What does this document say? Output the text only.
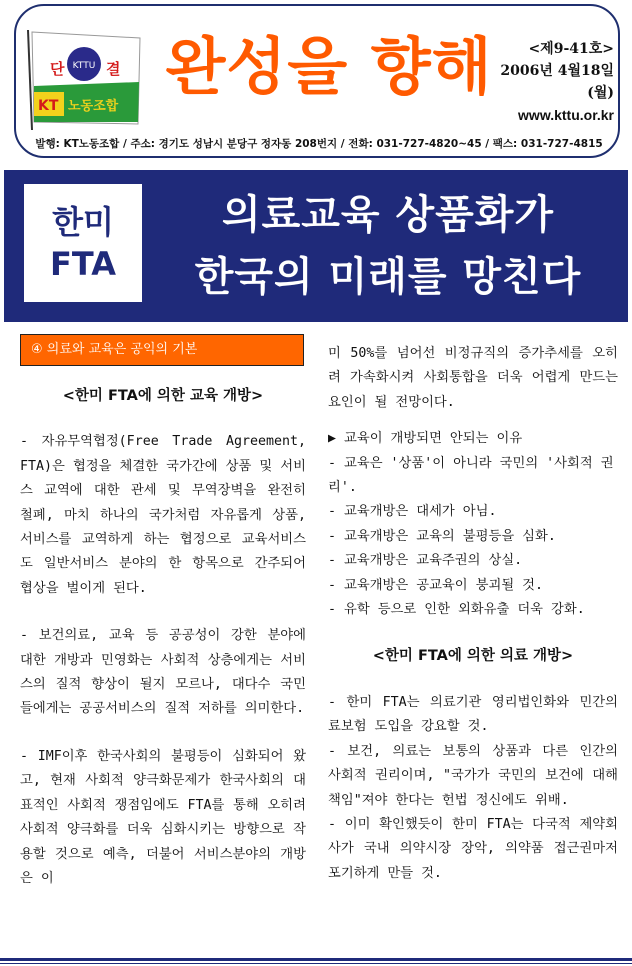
KTTU
단	결
KT 노동조합
완성을 향해	<제9-41호>
2006년 4월18일(월)
www.kttu.or.kr
발행: KT노동조합 / 주소: 경기도 성남시 분당구 정자동 208번지 / 전화: 031-727-4820~45 / 팩스: 031-727-4815
한미
FTA
의료교육 상품화가
한국의 미래를 망친다
④ 의료와 교육은 공익의 기본
<한미 FTA에 의한 교육 개방>

- 자유무역협정(Free Trade Agreement, FTA)은 협정을 체결한 국가간에 상품 및 서비스 교역에 대한 관세 및 무역장벽을 완전히 철폐, 마치 하나의 국가처럼 자유롭게 상품, 서비스를 교역하게 하는 협정으로 교육서비스도 일반서비스 분야의 한 항목으로 간주되어 협상을 벌이게 된다.

- 보건의료, 교육 등 공공성이 강한 분야에 대한 개방과 민영화는 사회적 상층에게는 서비스의 질적 향상이 될지 모르나, 대다수 국민들에게는 공공서비스의 질적 저하를 의미한다.

- IMF이후 한국사회의 불평등이 심화되어 왔고, 현재 사회적 양극화문제가 한국사회의 대표적인 사회적 쟁점임에도 FTA를 통해 오히려 사회적 양극화를 더욱 심화시키는 방향으로 작용할 것으로 예측, 더불어 서비스분야의 개방은 이

미 50%를 넘어선 비정규직의 증가추세를 오히려 가속화시켜 사회통합을 더욱 어렵게 만드는 요인이 될 전망이다.

▶ 교육이 개방되면 안되는 이유
- 교육은 '상품'이 아니라 국민의 '사회적 권리'.
- 교육개방은 대세가 아님.
- 교육개방은 교육의 불평등을 심화.
- 교육개방은 교육주권의 상실.
- 교육개방은 공교육이 붕괴될 것.
- 유학 등으로 인한 외화유출 더욱 강화.
<한미 FTA에 의한 의료 개방>

- 한미 FTA는 의료기관 영리법인화와 민간의료보험 도입을 강요할 것.

- 보건, 의료는 보통의 상품과 다른 인간의 사회적 권리이며, "국가가 국민의 보건에 대해 책임"져야 한다는 헌법 정신에도 위배.

- 이미 확인했듯이 한미 FTA는 다국적 제약회사가 국내 의약시장 장악, 의약품 접근권마저 포기하게 만들 것.
